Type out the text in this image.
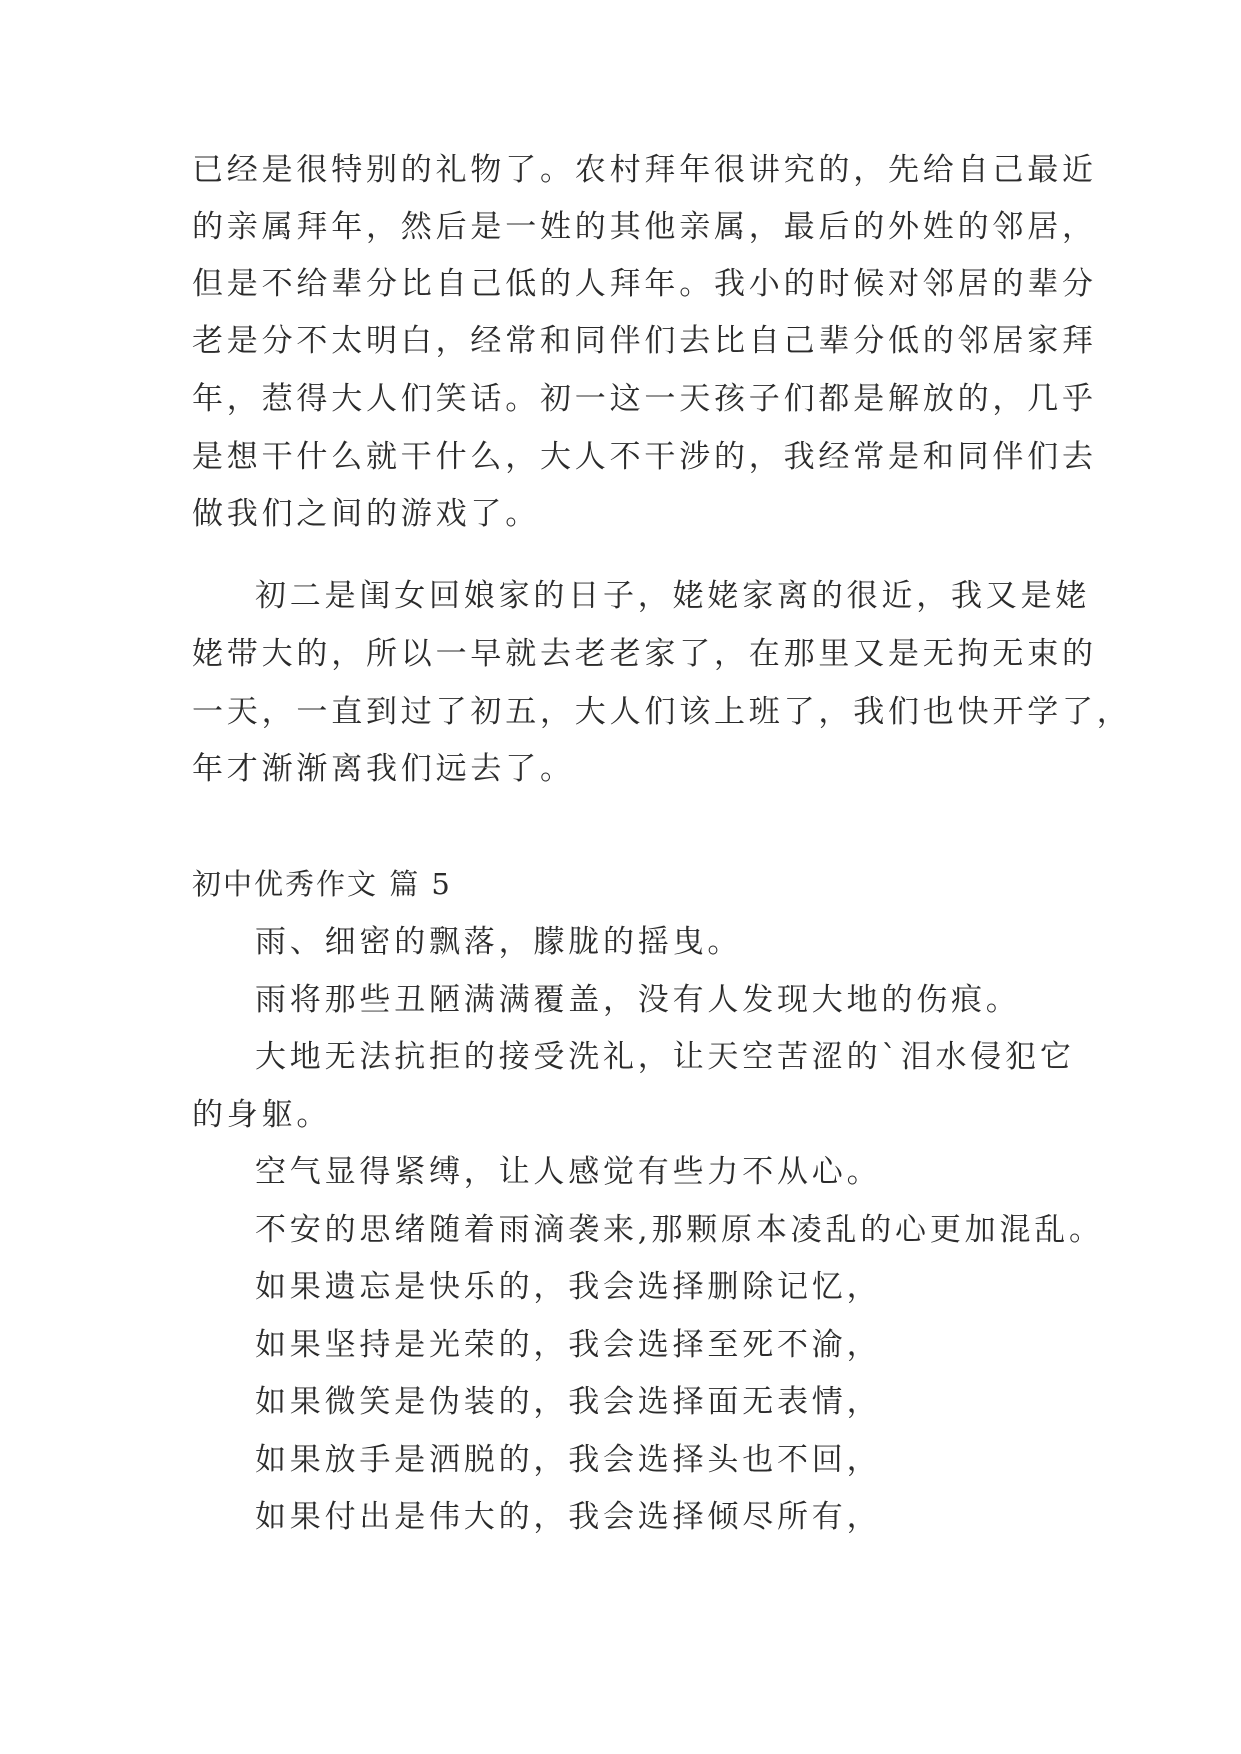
已经是很特别的礼物了。农村拜年很讲究的，先给自己最近
的亲属拜年，然后是一姓的其他亲属，最后的外姓的邻居，
但是不给辈分比自己低的人拜年。我小的时候对邻居的辈分
老是分不太明白，经常和同伴们去比自己辈分低的邻居家拜
年，惹得大人们笑话。初一这一天孩子们都是解放的，几乎
是想干什么就干什么，大人不干涉的，我经常是和同伴们去
做我们之间的游戏了。
初二是闺女回娘家的日子，姥姥家离的很近，我又是姥
姥带大的，所以一早就去老老家了，在那里又是无拘无束的
一天，一直到过了初五，大人们该上班了，我们也快开学了，
年才渐渐离我们远去了。
初中优秀作文 篇 5
雨、细密的飘落，朦胧的摇曳。
雨将那些丑陋满满覆盖，没有人发现大地的伤痕。
大地无法抗拒的接受洗礼，让天空苦涩的`泪水侵犯它
的身躯。
空气显得紧缚，让人感觉有些力不从心。
不安的思绪随着雨滴袭来,那颗原本凌乱的心更加混乱。
如果遗忘是快乐的，我会选择删除记忆，
如果坚持是光荣的，我会选择至死不渝，
如果微笑是伪装的，我会选择面无表情，
如果放手是洒脱的，我会选择头也不回，
如果付出是伟大的，我会选择倾尽所有，
